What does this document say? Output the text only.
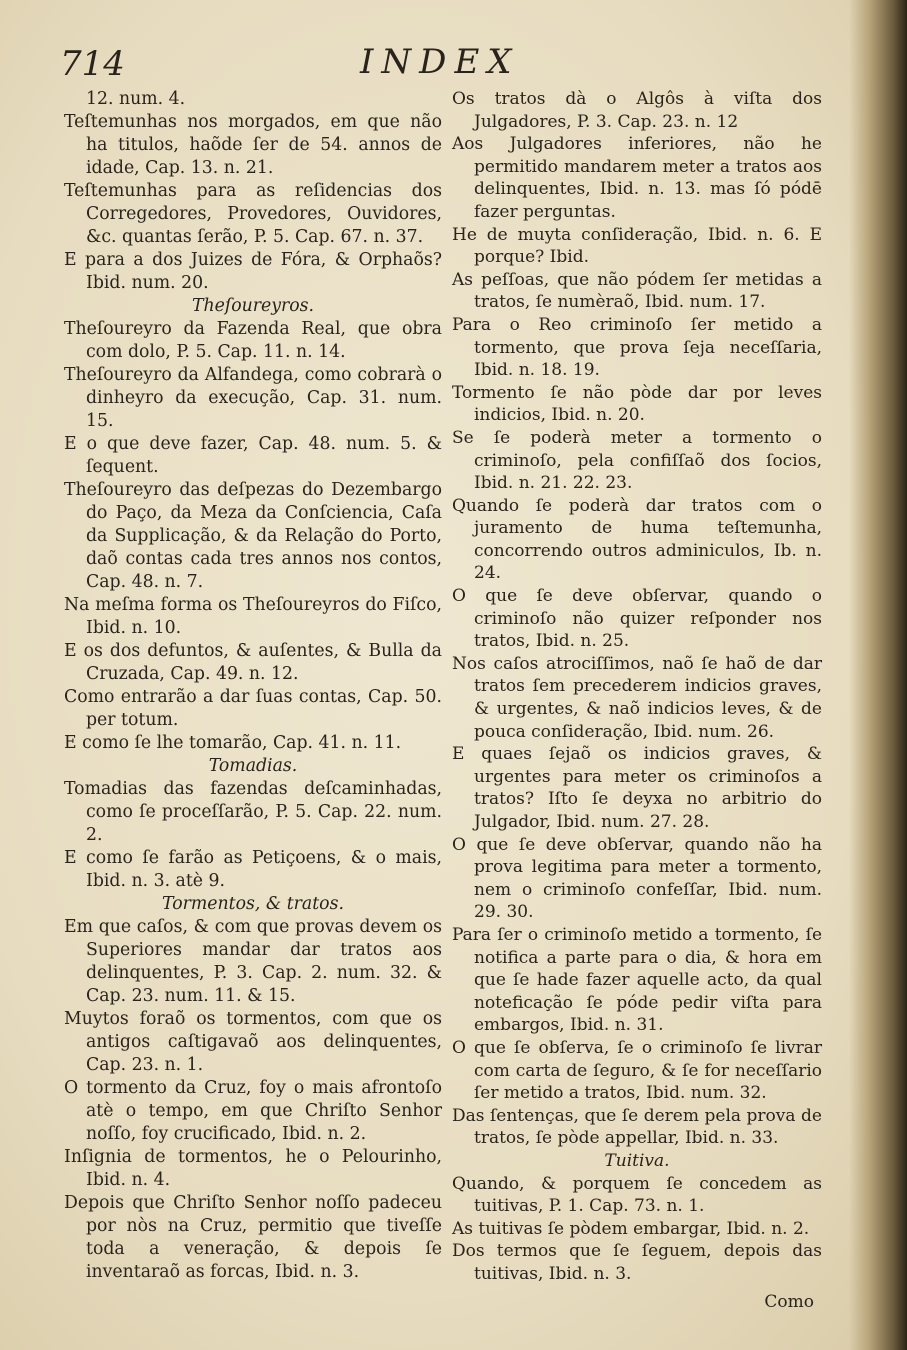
714	INDEX

12. num. 4.

Teſtemunhas nos morgados, em que não ha titulos, haõde ſer de 54. annos de idade, Cap. 13. n. 21.

Teſtemunhas para as reſidencias dos Corregedores, Provedores, Ouvidores, &c. quantas ſerão, P. 5. Cap. 67. n. 37.

E para a dos Juizes de Fóra, & Orphaõs? Ibid. num. 20.

Theſoureyros.

Theſoureyro da Fazenda Real, que obra com dolo, P. 5. Cap. 11. n. 14.

Theſoureyro da Alfandega, como cobrarà o dinheyro da execução, Cap. 31. num. 15.

E o que deve fazer, Cap. 48. num. 5. & ſequent.

Theſoureyro das deſpezas do Dezembargo do Paço, da Meza da Conſciencia, Caſa da Supplicação, & da Relação do Porto, daõ contas cada tres annos nos contos, Cap. 48. n. 7.

Na meſma forma os Theſoureyros do Fiſco, Ibid. n. 10.

E os dos defuntos, & auſentes, & Bulla da Cruzada, Cap. 49. n. 12.

Como entrarão a dar ſuas contas, Cap. 50. per totum.

E como ſe lhe tomarão, Cap. 41. n. 11.

Tomadias.

Tomadias das fazendas deſcaminhadas, como ſe proceſſarão, P. 5. Cap. 22. num. 2.

E como ſe farão as Petiçoens, & o mais, Ibid. n. 3. atè 9.

Tormentos, & tratos.

Em que caſos, & com que provas devem os Superiores mandar dar tratos aos delinquentes, P. 3. Cap. 2. num. 32. & Cap. 23. num. 11. & 15.

Muytos foraõ os tormentos, com que os antigos caſtigavaõ aos delinquentes, Cap. 23. n. 1.

O tormento da Cruz, foy o mais afrontoſo atè o tempo, em que Chriſto Senhor noſſo, foy crucificado, Ibid. n. 2.

Inſignia de tormentos, he o Pelourinho, Ibid. n. 4.

Depois que Chriſto Senhor noſſo padeceu por nòs na Cruz, permitio que tiveſſe toda a veneração, & depois ſe inventaraõ as forcas, Ibid. n. 3.

Os tratos dà o Algôs à viſta dos Julgadores, P. 3. Cap. 23. n. 12

Aos Julgadores inferiores, não he permitido mandarem meter a tratos aos delinquentes, Ibid. n. 13. mas ſó pódē fazer perguntas.

He de muyta conſideração, Ibid. n. 6. E porque? Ibid.

As peſſoas, que não pódem ſer metidas a tratos, ſe numèraõ, Ibid. num. 17.

Para o Reo criminoſo ſer metido a tormento, que prova ſeja neceſſaria, Ibid. n. 18. 19.

Tormento ſe não pòde dar por leves indicios, Ibid. n. 20.

Se ſe poderà meter a tormento o criminoſo, pela confiſſaõ dos ſocios, Ibid. n. 21. 22. 23.

Quando ſe poderà dar tratos com o juramento de huma teſtemunha, concorrendo outros adminiculos, Ib. n. 24.

O que ſe deve obſervar, quando o criminoſo não quizer reſponder nos tratos, Ibid. n. 25.

Nos caſos atrociſſimos, naõ ſe haõ de dar tratos ſem precederem indicios graves, & urgentes, & naõ indicios leves, & de pouca conſideração, Ibid. num. 26.

E quaes ſejaõ os indicios graves, & urgentes para meter os criminoſos a tratos? Iſto ſe deyxa no arbitrio do Julgador, Ibid. num. 27. 28.

O que ſe deve obſervar, quando não ha prova legitima para meter a tormento, nem o criminoſo confeſſar, Ibid. num. 29. 30.

Para ſer o criminoſo metido a tormento, ſe notifica a parte para o dia, & hora em que ſe hade fazer aquelle acto, da qual noteficação ſe póde pedir viſta para embargos, Ibid. n. 31.

O que ſe obſerva, ſe o criminoſo ſe livrar com carta de ſeguro, & ſe for neceſſario ſer metido a tratos, Ibid. num. 32.

Das ſentenças, que ſe derem pela prova de tratos, ſe pòde appellar, Ibid. n. 33.

Tuitiva.

Quando, & porquem ſe concedem as tuitivas, P. 1. Cap. 73. n. 1.

As tuitivas ſe pòdem embargar, Ibid. n. 2.

Dos termos que ſe ſeguem, depois das tuitivas, Ibid. n. 3.

Como
